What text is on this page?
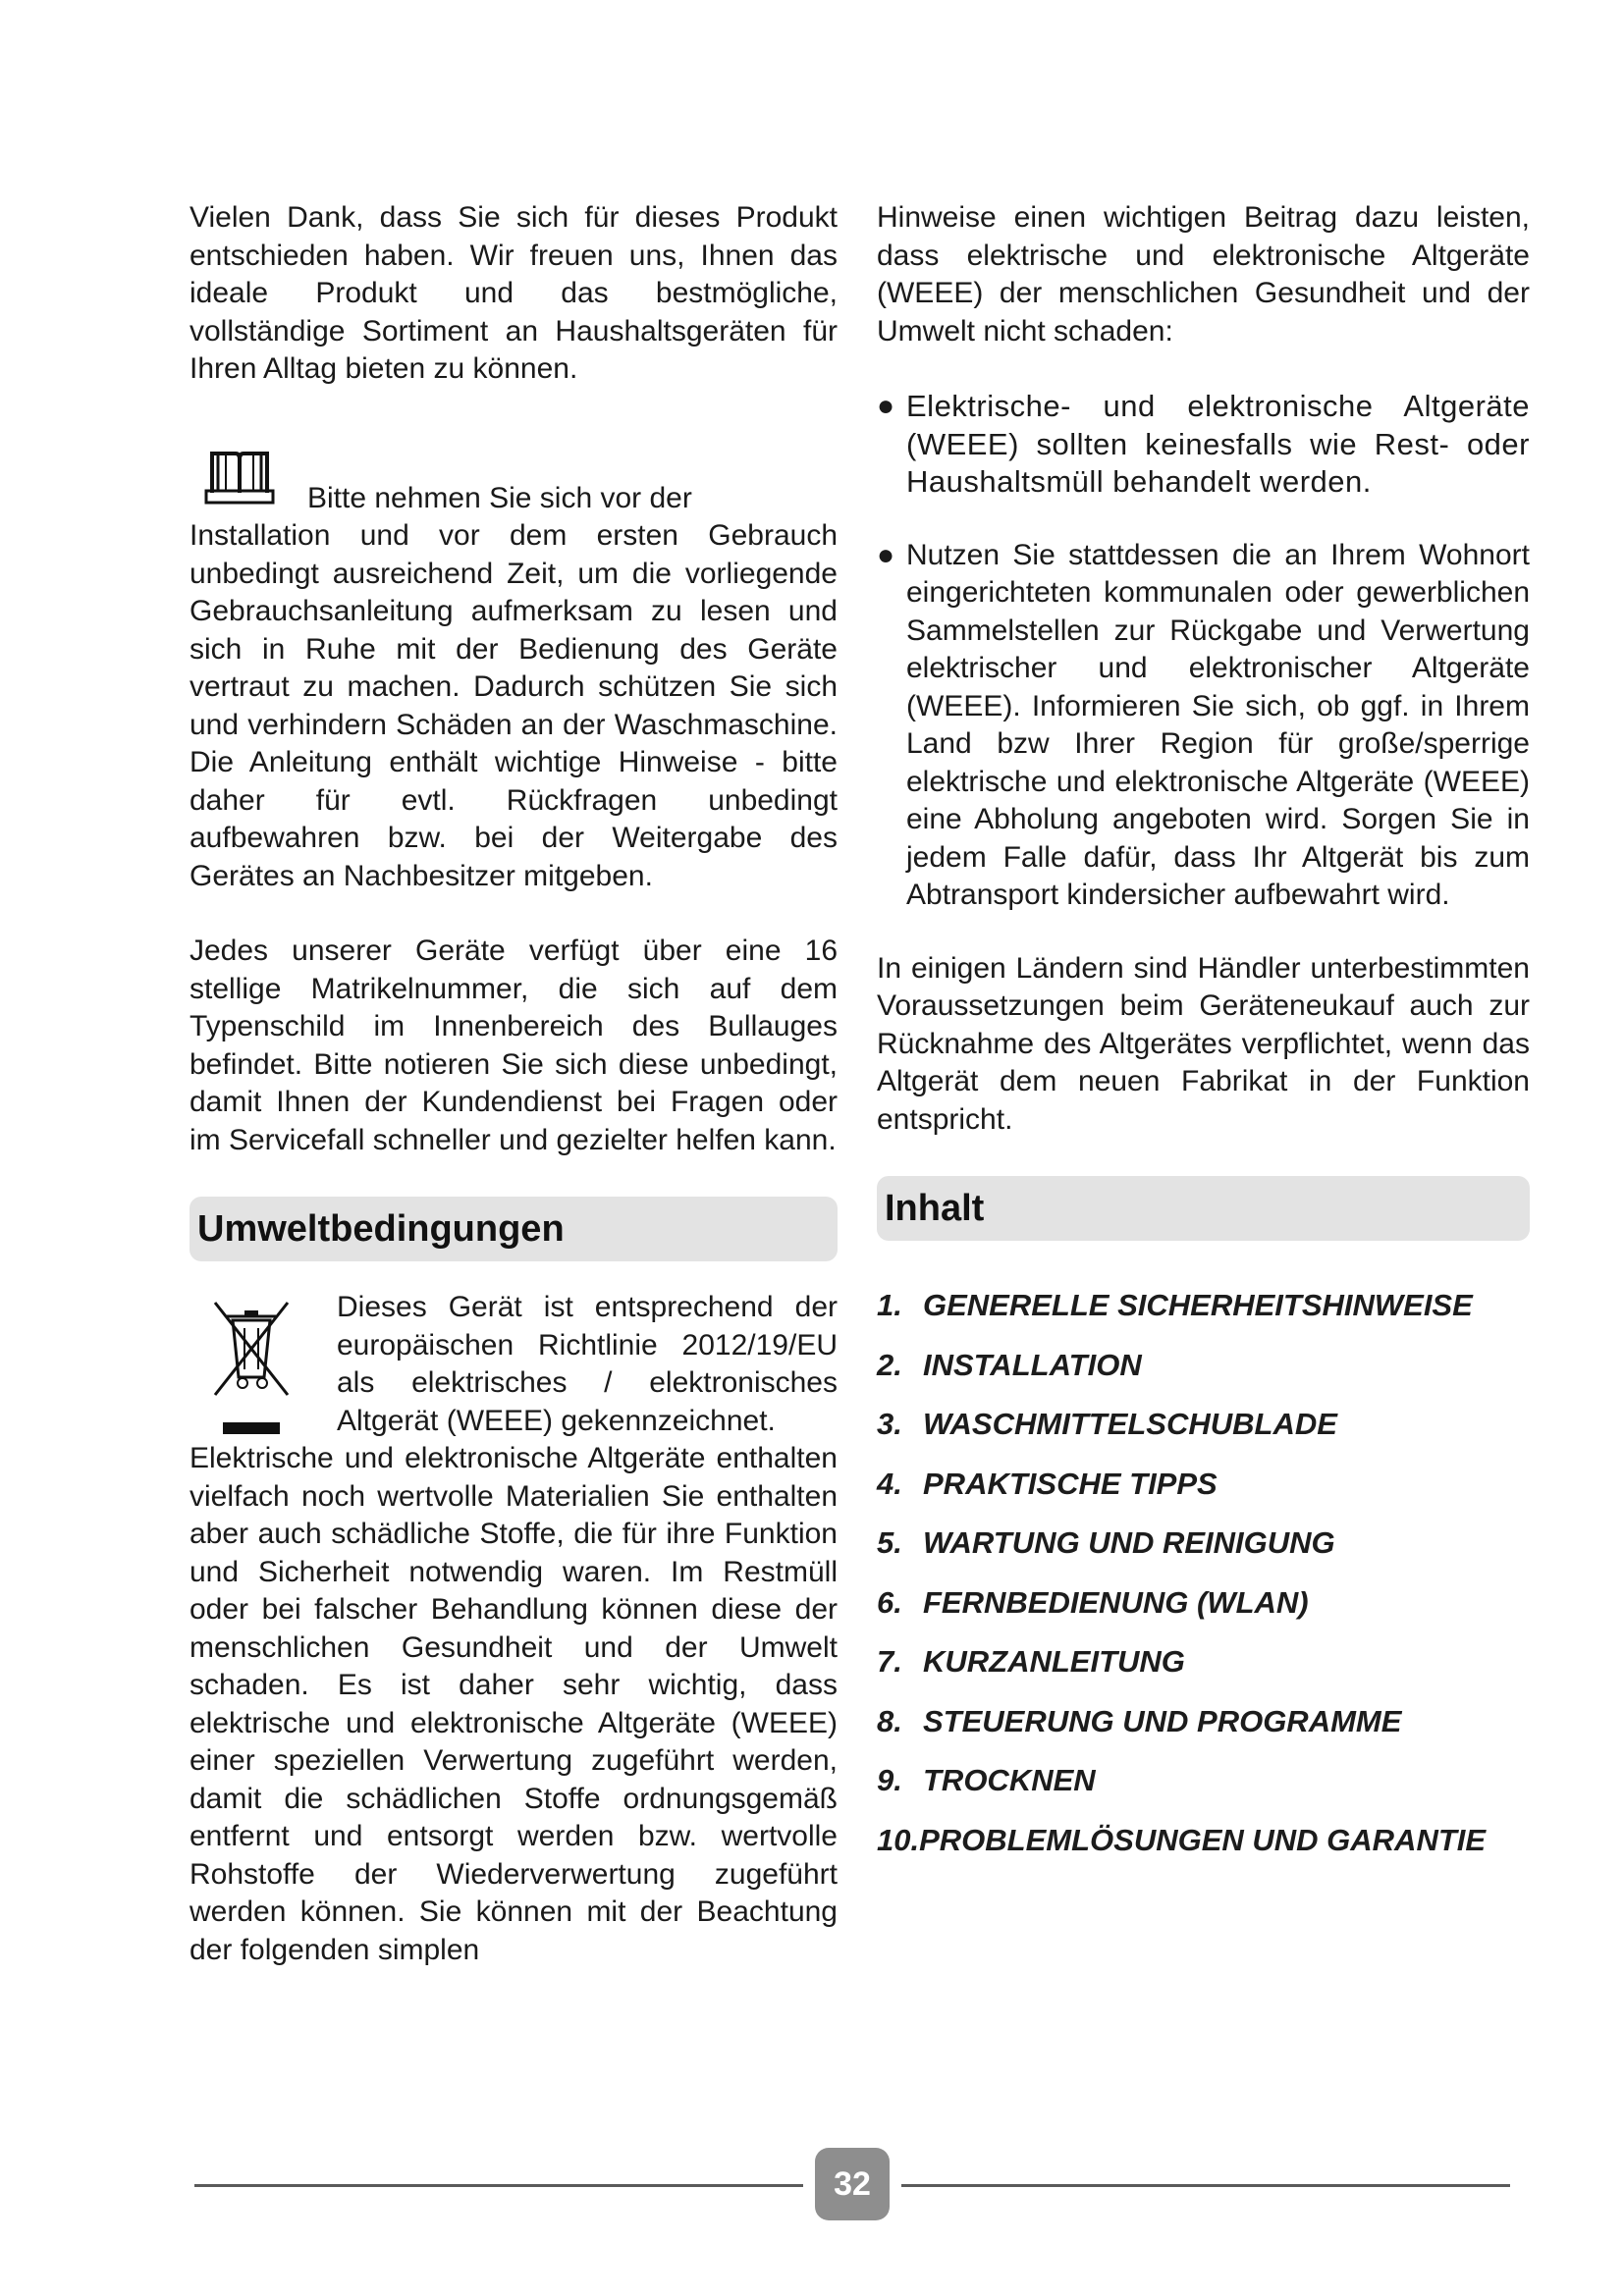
Vielen Dank, dass Sie sich für dieses Produkt entschieden haben. Wir freuen uns, Ihnen das ideale Produkt und das bestmögliche, vollständige Sortiment an Haushaltsgeräten für Ihren Alltag bieten zu können.

Bitte nehmen Sie sich vor der

Installation und vor dem ersten Gebrauch unbedingt ausreichend Zeit, um die vorliegende Gebrauchsanleitung aufmerksam zu lesen und sich in Ruhe mit der Bedienung des Geräte vertraut zu machen. Dadurch schützen Sie sich und verhindern Schäden an der Waschmaschine. Die Anleitung enthält wichtige Hinweise - bitte daher für evtl. Rückfragen unbedingt aufbewahren bzw. bei der Weitergabe des Gerätes an Nachbesitzer mitgeben.

Jedes unserer Geräte verfügt über eine 16 stellige Matrikelnummer, die sich auf dem Typenschild im Innenbereich des Bullauges befindet. Bitte notieren Sie sich diese unbedingt, damit Ihnen der Kundendienst bei Fragen oder im Servicefall schneller und gezielter helfen kann.

Umweltbedingungen

Dieses Gerät ist entsprechend der europäischen Richtlinie 2012/19/EU als elektrisches / elektronisches Altgerät (WEEE) gekennzeichnet.

Elektrische und elektronische Altgeräte enthalten vielfach noch wertvolle Materialien Sie enthalten aber auch schädliche Stoffe, die für ihre Funktion und Sicherheit notwendig waren. Im Restmüll oder bei falscher Behandlung können diese der menschlichen Gesundheit und der Umwelt schaden. Es ist daher sehr wichtig, dass elektrische und elektronische Altgeräte (WEEE) einer speziellen Verwertung zugeführt werden, damit die schädlichen Stoffe ordnungsgemäß entfernt und entsorgt werden bzw. wertvolle Rohstoffe der Wiederverwertung zugeführt werden können. Sie können mit der Beachtung der folgenden simplen

Hinweise einen wichtigen Beitrag dazu leisten, dass elektrische und elektronische Altgeräte (WEEE) der menschlichen Gesundheit und der Umwelt nicht schaden:

● Elektrische- und elektronische Altgeräte (WEEE) sollten keinesfalls wie Rest- oder Haushaltsmüll behandelt werden.

● Nutzen Sie stattdessen die an Ihrem Wohnort eingerichteten kommunalen oder gewerblichen Sammelstellen zur Rückgabe und Verwertung elektrischer und elektronischer Altgeräte (WEEE). Informieren Sie sich, ob ggf. in Ihrem Land bzw Ihrer Region für große/sperrige elektrische und elektronische Altgeräte (WEEE) eine Abholung angeboten wird. Sorgen Sie in jedem Falle dafür, dass Ihr Altgerät bis zum Abtransport kindersicher aufbewahrt wird.

In einigen Ländern sind Händler unterbestimmten Voraussetzungen beim Geräteneukauf auch zur Rücknahme des Altgerätes verpflichtet, wenn das Altgerät dem neuen Fabrikat in der Funktion entspricht.

Inhalt
1. GENERELLE SICHERHEITSHINWEISE
2. INSTALLATION
3. WASCHMITTELSCHUBLADE
4. PRAKTISCHE TIPPS
5. WARTUNG UND REINIGUNG
6. FERNBEDIENUNG (WLAN)
7. KURZANLEITUNG
8. STEUERUNG UND PROGRAMME
9. TROCKNEN
10.PROBLEMLÖSUNGEN UND GARANTIE
32
